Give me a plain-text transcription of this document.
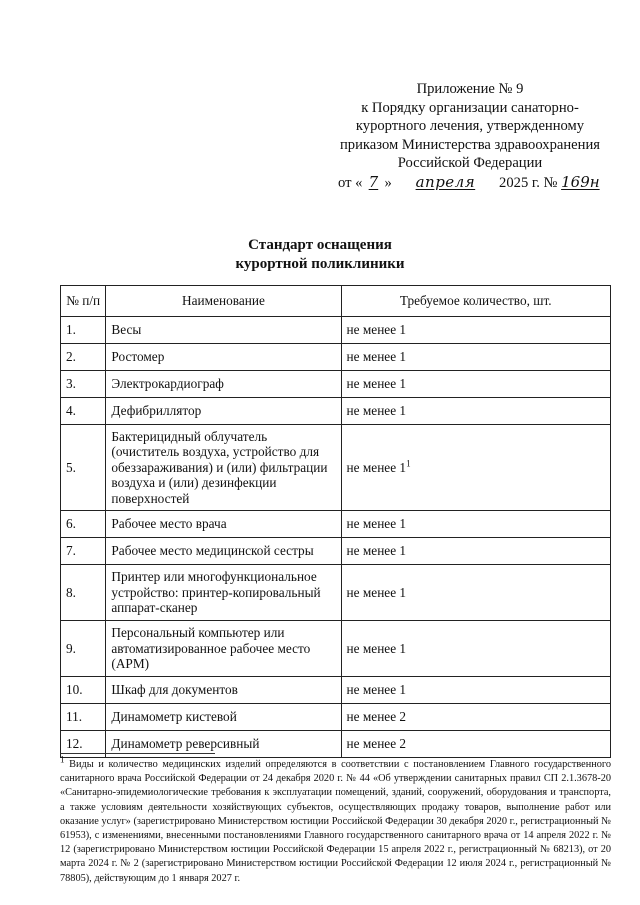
Приложение № 9
к Порядку организации санаторно-
курортного лечения, утвержденному
приказом Министерства здравоохранения
Российской Федерации
от « 7 » апреля 2025 г. № 169н
Стандарт оснащения
курортной поликлиники
№ п/п	Наименование	Требуемое количество, шт.
1.	Весы	не менее 1
2.	Ростомер	не менее 1
3.	Электрокардиограф	не менее 1
4.	Дефибриллятор	не менее 1
5.	Бактерицидный облучатель (очиститель воздуха, устройство для обеззараживания) и (или) фильтрации воздуха и (или) дезинфекции поверхностей	не менее $1^1$
6.	Рабочее место врача	не менее 1
7.	Рабочее место медицинской сестры	не менее 1
8.	Принтер или многофункциональное устройство: принтер-копировальный аппарат-сканер	не менее 1
9.	Персональный компьютер или автоматизированное рабочее место (АРМ)	не менее 1
10.	Шкаф для документов	не менее 1
11.	Динамометр кистевой	не менее 2
12.	Динамометр реверсивный	не менее 2
$^1$ Виды и количество медицинских изделий определяются в соответствии с постановлением Главного государственного санитарного врача Российской Федерации от 24 декабря 2020 г. № 44 «Об утверждении санитарных правил СП 2.1.3678-20 «Санитарно-эпидемиологические требования к эксплуатации помещений, зданий, сооружений, оборудования и транспорта, а также условиям деятельности хозяйствующих субъектов, осуществляющих продажу товаров, выполнение работ или оказание услуг» (зарегистрировано Министерством юстиции Российской Федерации 30 декабря 2020 г., регистрационный № 61953), с изменениями, внесенными постановлениями Главного государственного санитарного врача от 14 апреля 2022 г. № 12 (зарегистрировано Министерством юстиции Российской Федерации 15 апреля 2022 г., регистрационный № 68213), от 20 марта 2024 г. № 2 (зарегистрировано Министерством юстиции Российской Федерации 12 июля 2024 г., регистрационный № 78805), действующим до 1 января 2027 г.
